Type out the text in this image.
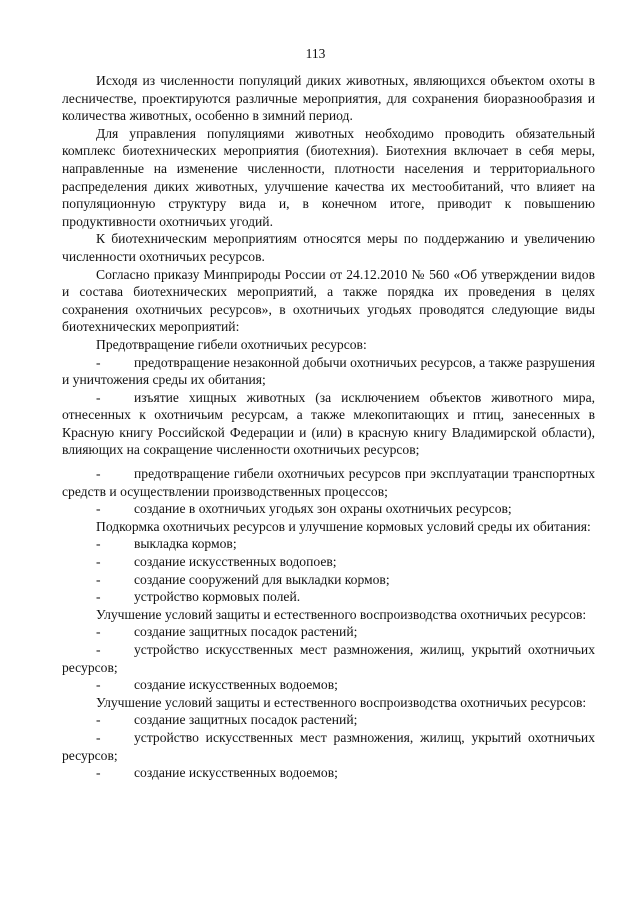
113

Исходя из численности популяций диких животных, являющихся объектом охоты в лесничестве, проектируются различные мероприятия, для сохранения биоразнообразия и количества животных, особенно в зимний период.

Для управления популяциями животных необходимо проводить обязательный комплекс биотехнических мероприятия (биотехния). Биотехния включает в себя меры, направленные на изменение численности, плотности населения и территориального распределения диких животных, улучшение качества их местообитаний, что влияет на популяционную структуру вида и, в конечном итоге, приводит к повышению продуктивности охотничьих угодий.

К биотехническим мероприятиям относятся меры по поддержанию и увеличению численности охотничьих ресурсов.

Согласно приказу Минприроды России от 24.12.2010 № 560 «Об утверждении видов и состава биотехнических мероприятий, а также порядка их проведения в целях сохранения охотничьих ресурсов», в охотничьих угодьях проводятся следующие виды биотехнических мероприятий:

Предотвращение гибели охотничьих ресурсов:

- предотвращение незаконной добычи охотничьих ресурсов, а также разрушения и уничтожения среды их обитания;

- изъятие хищных животных (за исключением объектов животного мира, отнесенных к охотничьим ресурсам, а также млекопитающих и птиц, занесенных в Красную книгу Российской Федерации и (или) в красную книгу Владимирской области), влияющих на сокращение численности охотничьих ресурсов;

- предотвращение гибели охотничьих ресурсов при эксплуатации транспортных средств и осуществлении производственных процессов;

- создание в охотничьих угодьях зон охраны охотничьих ресурсов;

Подкормка охотничьих ресурсов и улучшение кормовых условий среды их обитания:

- выкладка кормов;

- создание искусственных водопоев;

- создание сооружений для выкладки кормов;

- устройство кормовых полей.

Улучшение условий защиты и естественного воспроизводства охотничьих ресурсов:

- создание защитных посадок растений;

- устройство искусственных мест размножения, жилищ, укрытий охотничьих ресурсов;

- создание искусственных водоемов;

Улучшение условий защиты и естественного воспроизводства охотничьих ресурсов:

- создание защитных посадок растений;

- устройство искусственных мест размножения, жилищ, укрытий охотничьих ресурсов;

- создание искусственных водоемов;
